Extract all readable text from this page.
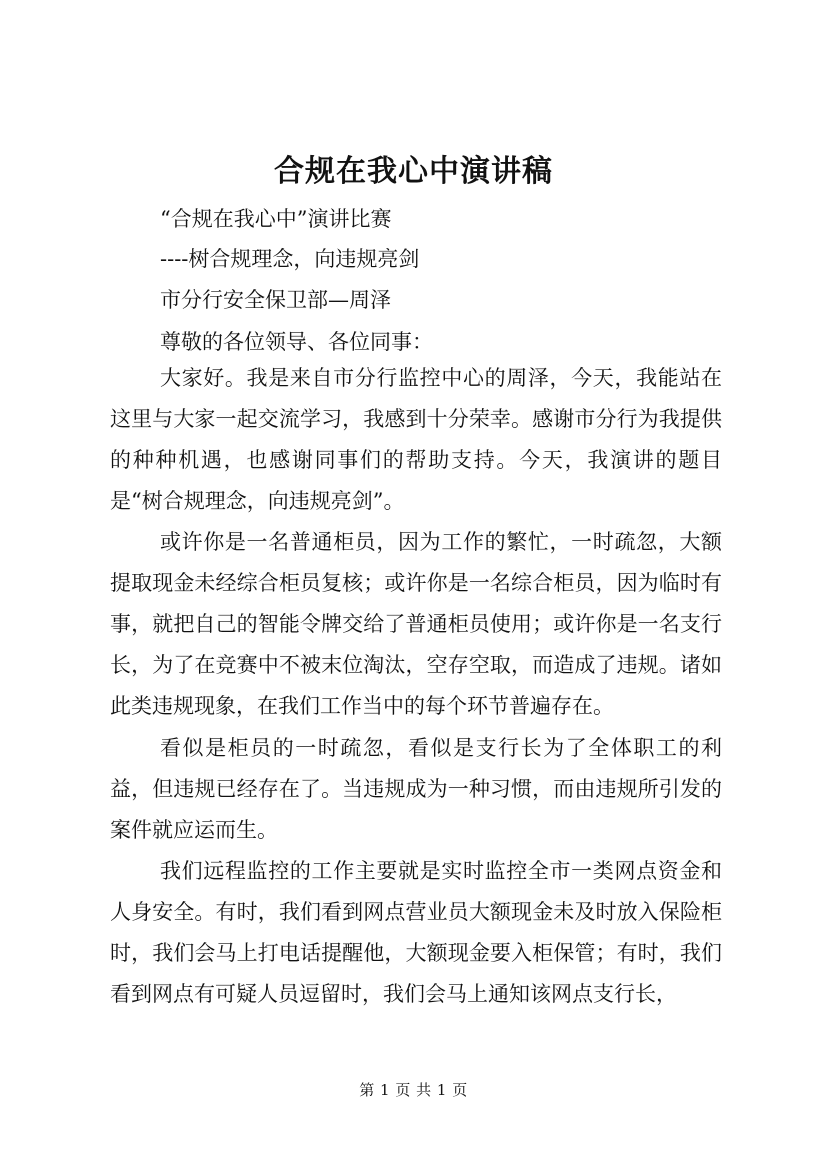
合规在我心中演讲稿
“合规在我心中”演讲比赛
----树合规理念，向违规亮剑
市分行安全保卫部—周泽
尊敬的各位领导、各位同事：
大家好。我是来自市分行监控中心的周泽，今天，我能站在这里与大家一起交流学习，我感到十分荣幸。感谢市分行为我提供的种种机遇，也感谢同事们的帮助支持。今天，我演讲的题目是“树合规理念，向违规亮剑”。
或许你是一名普通柜员，因为工作的繁忙，一时疏忽，大额提取现金未经综合柜员复核；或许你是一名综合柜员，因为临时有事，就把自己的智能令牌交给了普通柜员使用；或许你是一名支行长，为了在竞赛中不被末位淘汰，空存空取，而造成了违规。诸如此类违规现象，在我们工作当中的每个环节普遍存在。
看似是柜员的一时疏忽，看似是支行长为了全体职工的利益，但违规已经存在了。当违规成为一种习惯，而由违规所引发的案件就应运而生。
我们远程监控的工作主要就是实时监控全市一类网点资金和人身安全。有时，我们看到网点营业员大额现金未及时放入保险柜时，我们会马上打电话提醒他，大额现金要入柜保管；有时，我们看到网点有可疑人员逗留时，我们会马上通知该网点支行长，
第 1 页 共 1 页
